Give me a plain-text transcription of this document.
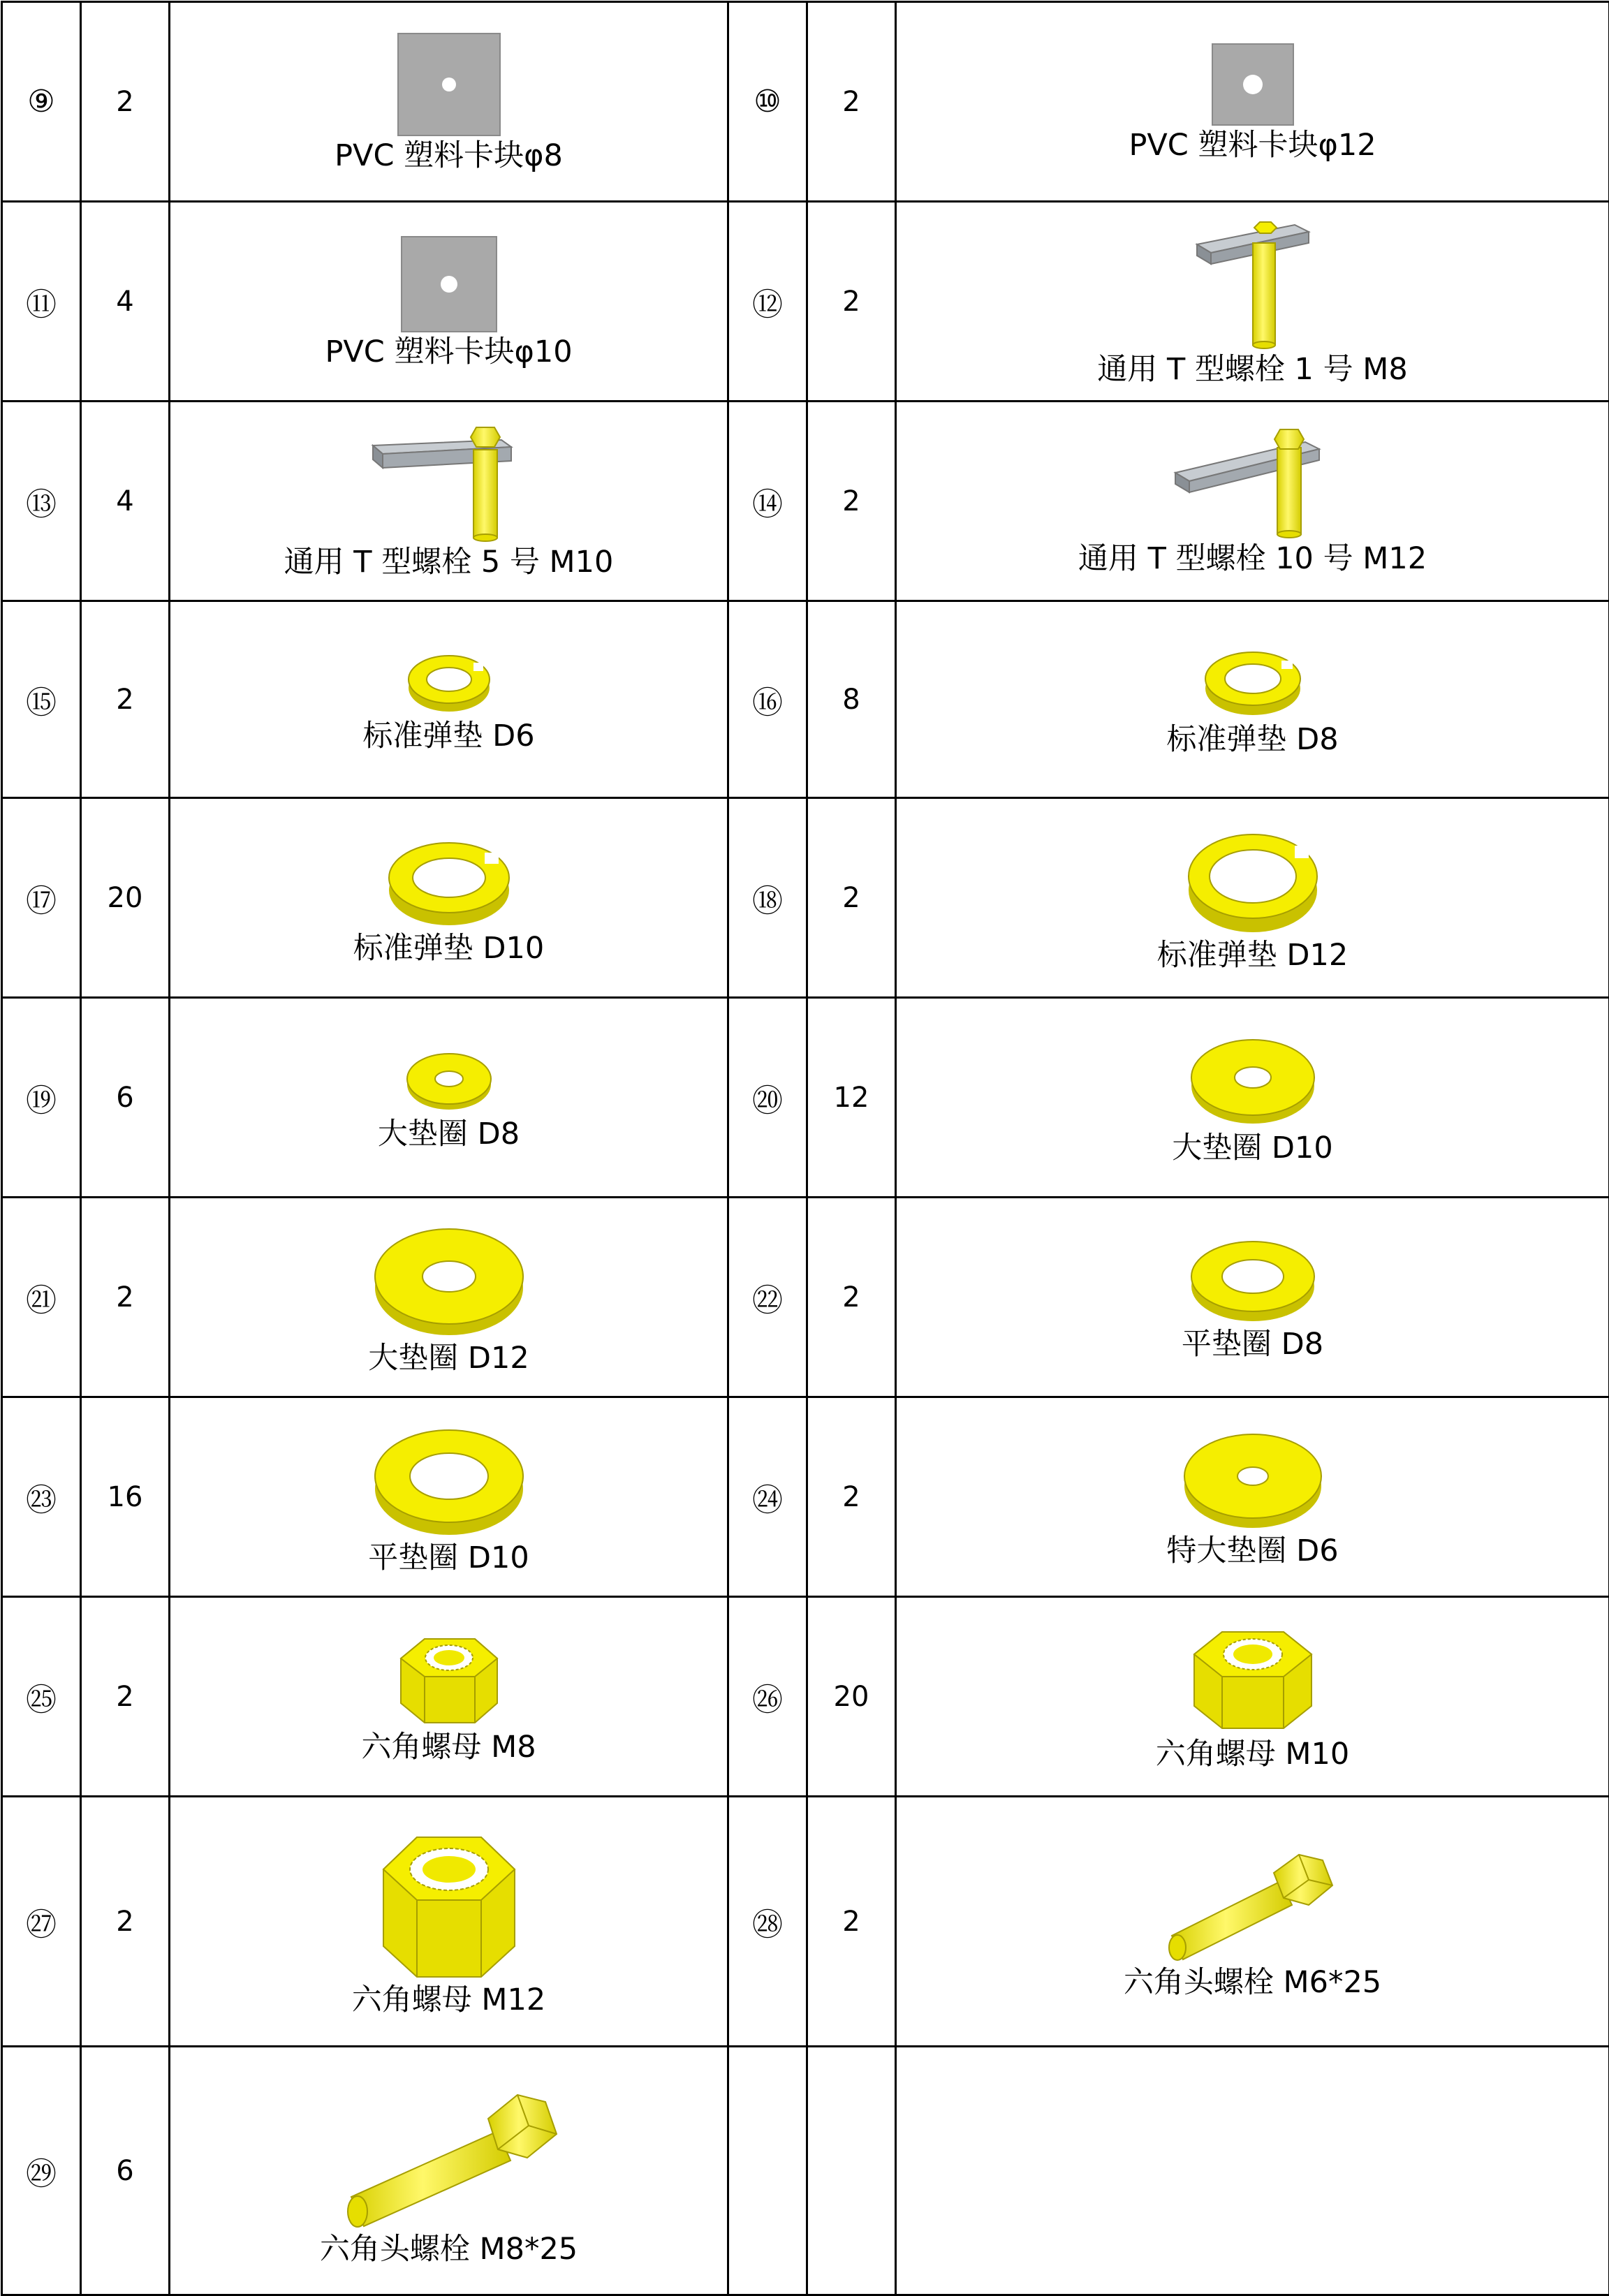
⑨	2	PVC 塑料卡块φ8	⑩	2	PVC 塑料卡块φ12

⑪	4	PVC 塑料卡块φ10	⑫	2	通用 T 型螺栓 1 号 M8

⑬	4	通用 T 型螺栓 5 号 M10	⑭	2	通用 T 型螺栓 10 号 M12

⑮	2	标准弹垫 D6	⑯	8	标准弹垫 D8

⑰	20	标准弹垫 D10	⑱	2	标准弹垫 D12

⑲	6	大垫圈 D8	⑳	12	大垫圈 D10

㉑	2	大垫圈 D12	㉒	2	平垫圈 D8

㉓	16	平垫圈 D10	㉔	2	特大垫圈 D6

㉕	2	六角螺母 M8	㉖	20	六角螺母 M10

㉗	2	六角螺母 M12	㉘	2	六角头螺栓 M6*25

㉙	6	六角头螺栓 M8*25			
